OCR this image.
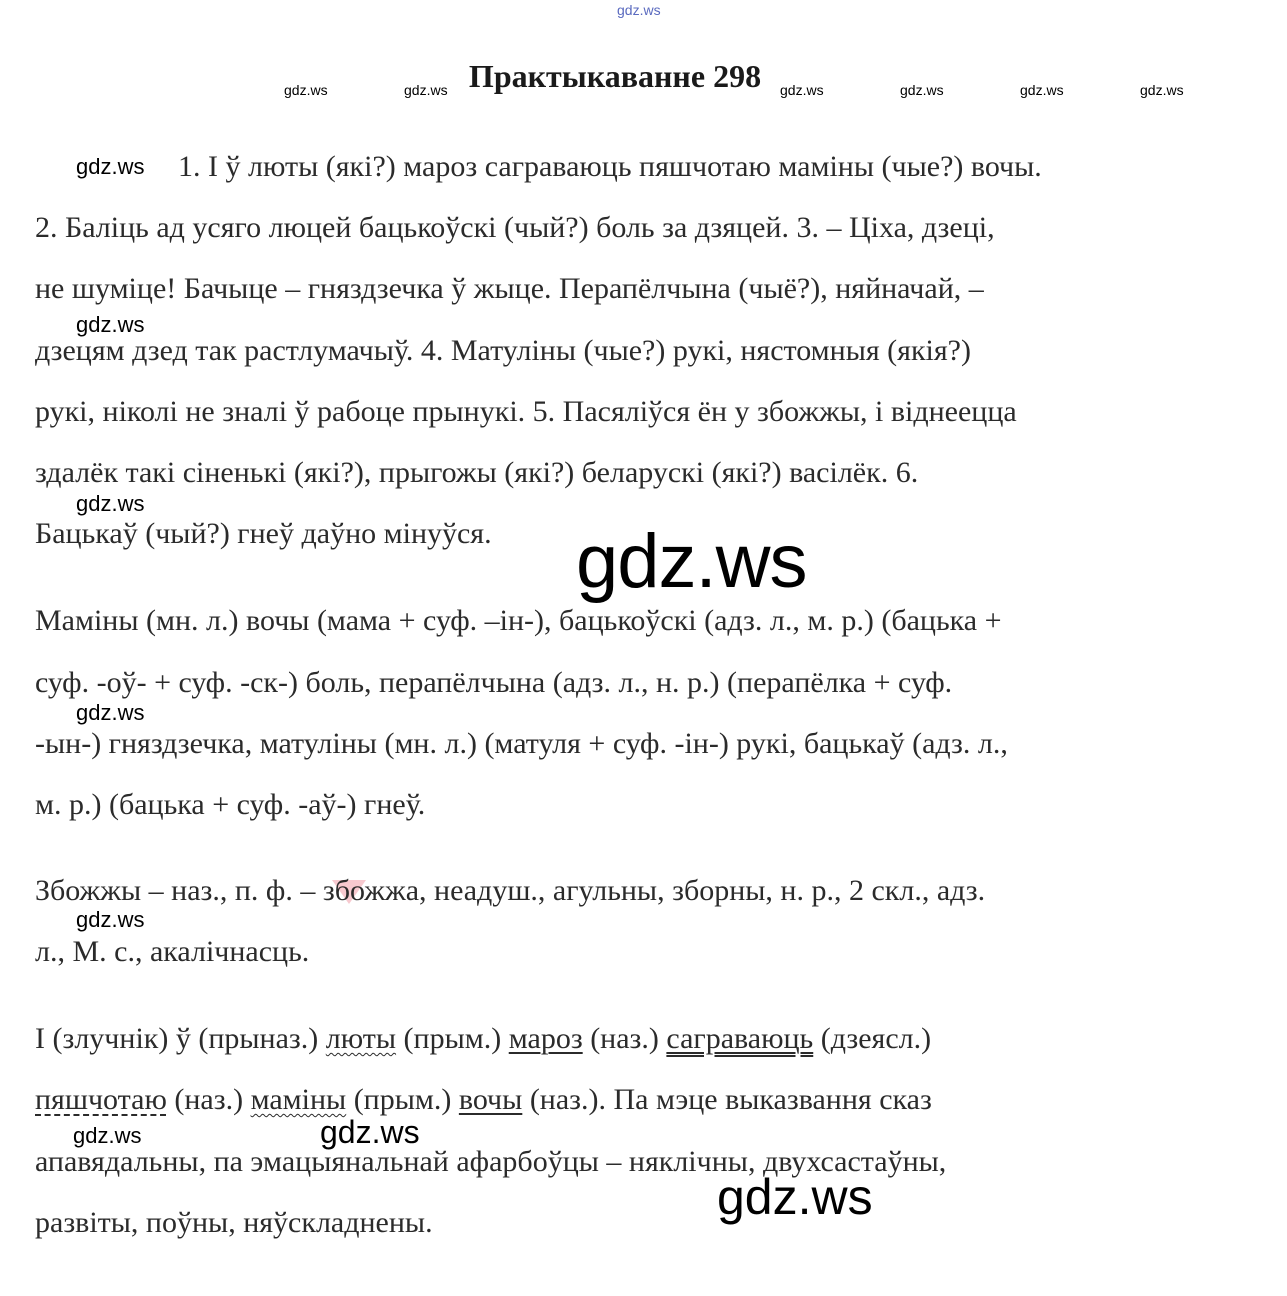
gdz.ws
gdz.ws	gdz.ws	gdz.ws	gdz.ws	gdz.ws	gdz.ws
Практыкаванне 298
1. І ў люты (які?) мароз саграваюць пяшчотаю маміны (чые?) вочы.
2. Баліць ад усяго люцей бацькоўскі (чый?) боль за дзяцей. 3. – Ціха, дзеці,
не шуміце! Бачыце – гняздзечка ў жыце. Перапёлчына (чыё?), няйначай, –
дзецям дзед так растлумачыў. 4. Матуліны (чые?) рукі, нястомныя (якія?)
рукі, ніколі не зналі ў рабоце прынукі. 5. Пасяліўся ён у збожжы, і віднеецца
здалёк такі сіненькі (які?), прыгожы (які?) беларускі (які?) васілёк. 6.
Бацькаў (чый?) гнеў даўно мінуўся.
Маміны (мн. л.) вочы (мама + суф. –ін-), бацькоўскі (адз. л., м. р.) (бацька +
суф. -оў- + суф. -ск-) боль, перапёлчына (адз. л., н. р.) (перапёлка + суф.
-ын-) гняздзечка, матуліны (мн. л.) (матуля + суф. -ін-) рукі, бацькаў (адз. л.,
м. р.) (бацька + суф. -аў-) гнеў.
Збожжы – наз., п. ф. – збожжа, неадуш., агульны, зборны, н. р., 2 скл., адз.
л., М. с., акалічнасць.
І (злучнік) ў (прыназ.) люты (прым.) мароз (наз.) саграваюць (дзеясл.)
пяшчотаю (наз.) маміны (прым.) вочы (наз.). Па мэце выказвання сказ
апавядальны, па эмацыянальнай афарбоўцы – няклічны, двухсастаўны,
развіты, поўны, няўскладнены.
gdz.ws
gdz.ws
gdz.ws
gdz.ws
gdz.ws
gdz.ws	gdz.ws
gdz.ws
gdz.ws
